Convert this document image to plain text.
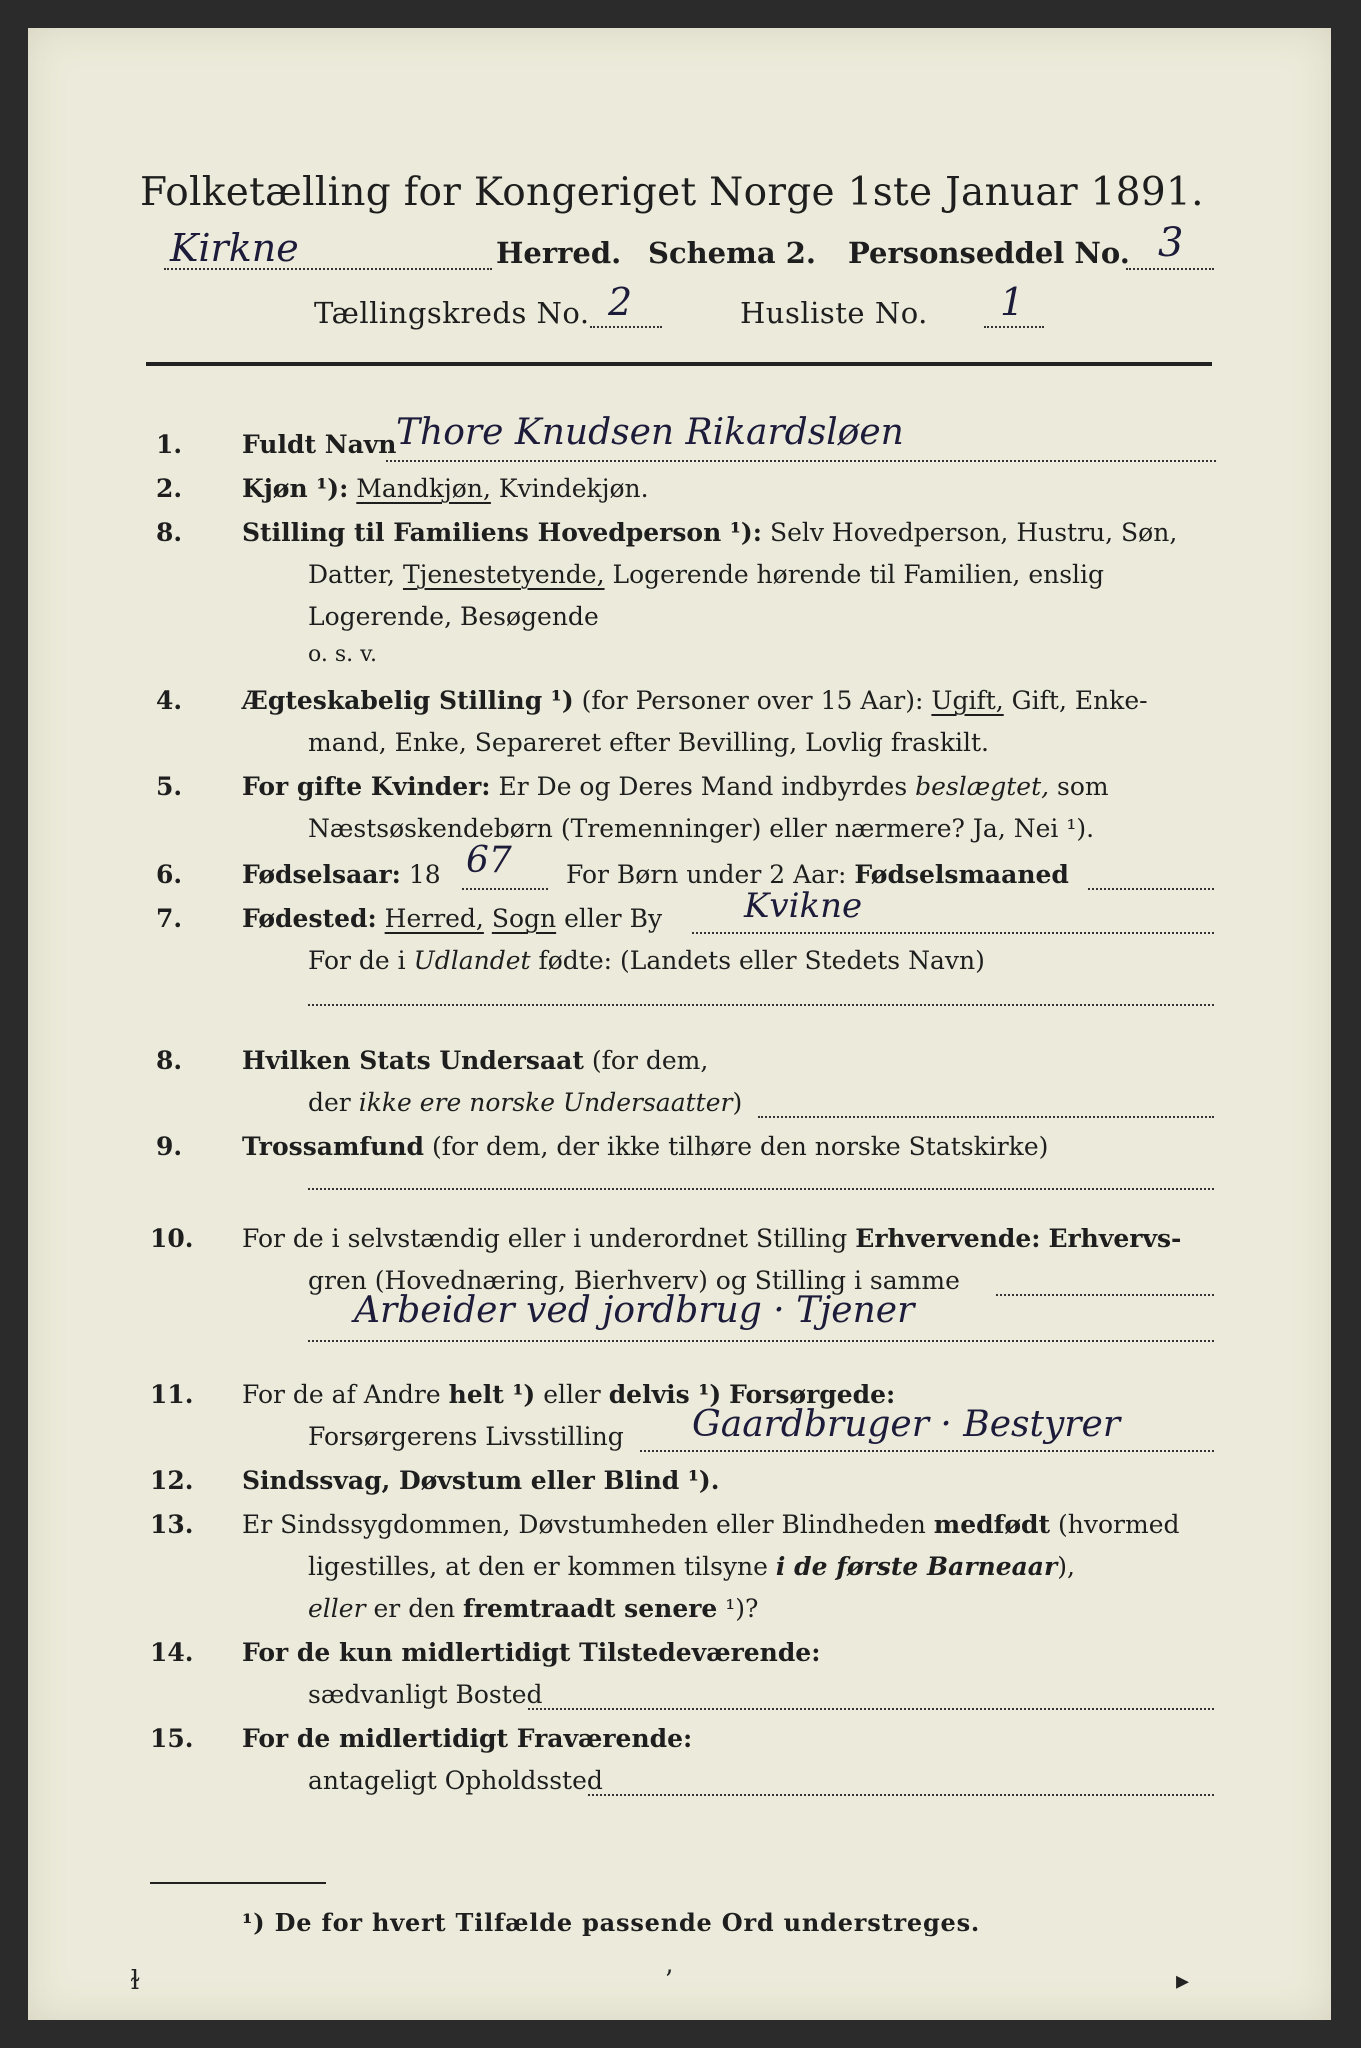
Folketælling for Kongeriget Norge 1ste Januar 1891.
Kirkne	Herred. Schema 2. Personseddel No. 3
Tællingskreds No. 2	Husliste No. 1
1. Fuldt Navn Thore Knudsen Rikardsløen
2. Kjøn ¹): Mandkjøn, Kvindekjøn.
8. Stilling til Familiens Hovedperson ¹): Selv Hovedperson, Hustru, Søn,
Datter, Tjenestetyende, Logerende hørende til Familien, enslig
Logerende, Besøgende
o. s. v.
4. Ægteskabelig Stilling ¹) (for Personer over 15 Aar): Ugift, Gift, Enke-
mand, Enke, Separeret efter Bevilling, Lovlig fraskilt.
5. For gifte Kvinder: Er De og Deres Mand indbyrdes beslægtet, som
Næstsøskendebørn (Tremenninger) eller nærmere? Ja, Nei ¹).
6. Fødselsaar: 18 67 For Børn under 2 Aar: Fødselsmaaned
7. Fødested: Herred, Sogn eller By Kvikne
For de i Udlandet fødte: (Landets eller Stedets Navn)
8. Hvilken Stats Undersaat (for dem,
der ikke ere norske Undersaatter)
9. Trossamfund (for dem, der ikke tilhøre den norske Statskirke)
10. For de i selvstændig eller i underordnet Stilling Erhvervende: Erhvervs-
gren (Hovednæring, Bierhverv) og Stilling i samme
Arbeider ved jordbrug · Tjener
11. For de af Andre helt ¹) eller delvis ¹) Forsørgede:
Forsørgerens Livsstilling Gaardbruger · Bestyrer
12. Sindssvag, Døvstum eller Blind ¹).
13. Er Sindssygdommen, Døvstumheden eller Blindheden medfødt (hvormed
ligestilles, at den er kommen tilsyne i de første Barneaar),
eller er den fremtraadt senere ¹)?
14. For de kun midlertidigt Tilstedeværende:
sædvanligt Bosted
15. For de midlertidigt Fraværende:
antageligt Opholdssted
¹) De for hvert Tilfælde passende Ord understreges.
ɫ	ʼ	▸
